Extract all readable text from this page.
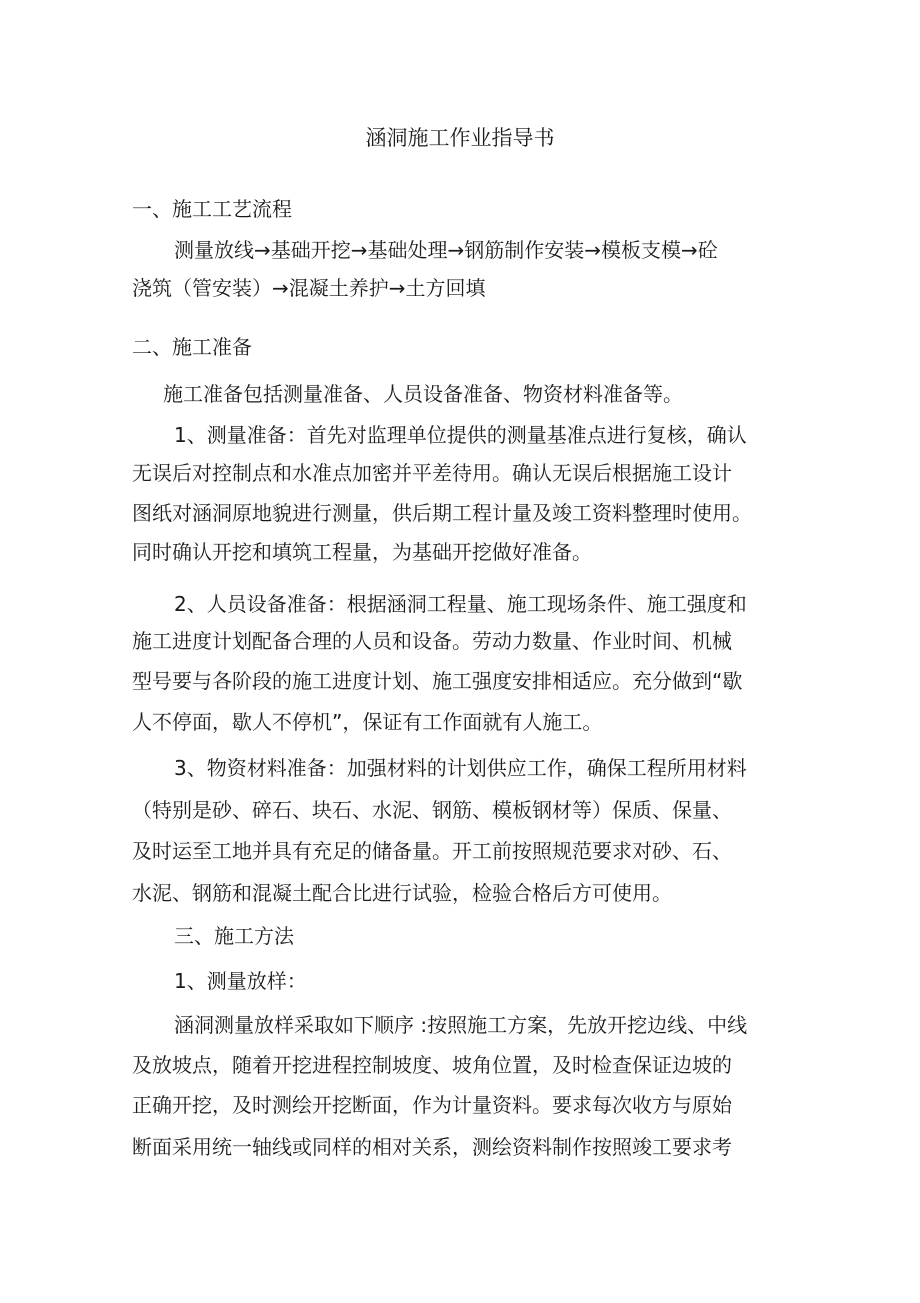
涵洞施工作业指导书
一、施工工艺流程
测量放线→基础开挖→基础处理→钢筋制作安装→模板支模→砼
浇筑（管安装）→混凝土养护→土方回填
二、施工准备
施工准备包括测量准备、人员设备准备、物资材料准备等。
1、测量准备：首先对监理单位提供的测量基准点进行复核，确认
无误后对控制点和水准点加密并平差待用。确认无误后根据施工设计
图纸对涵洞原地貌进行测量，供后期工程计量及竣工资料整理时使用。
同时确认开挖和填筑工程量，为基础开挖做好准备。
2、人员设备准备：根据涵洞工程量、施工现场条件、施工强度和
施工进度计划配备合理的人员和设备。劳动力数量、作业时间、机械
型号要与各阶段的施工进度计划、施工强度安排相适应。充分做到“歇
人不停面，歇人不停机”，保证有工作面就有人施工。
3、物资材料准备：加强材料的计划供应工作，确保工程所用材料
（特别是砂、碎石、块石、水泥、钢筋、模板钢材等）保质、保量、
及时运至工地并具有充足的储备量。开工前按照规范要求对砂、石、
水泥、钢筋和混凝土配合比进行试验，检验合格后方可使用。
三、施工方法
1、测量放样：
涵洞测量放样采取如下顺序 :按照施工方案，先放开挖边线、中线
及放坡点，随着开挖进程控制坡度、坡角位置，及时检查保证边坡的
正确开挖，及时测绘开挖断面，作为计量资料。要求每次收方与原始
断面采用统一轴线或同样的相对关系，测绘资料制作按照竣工要求考
